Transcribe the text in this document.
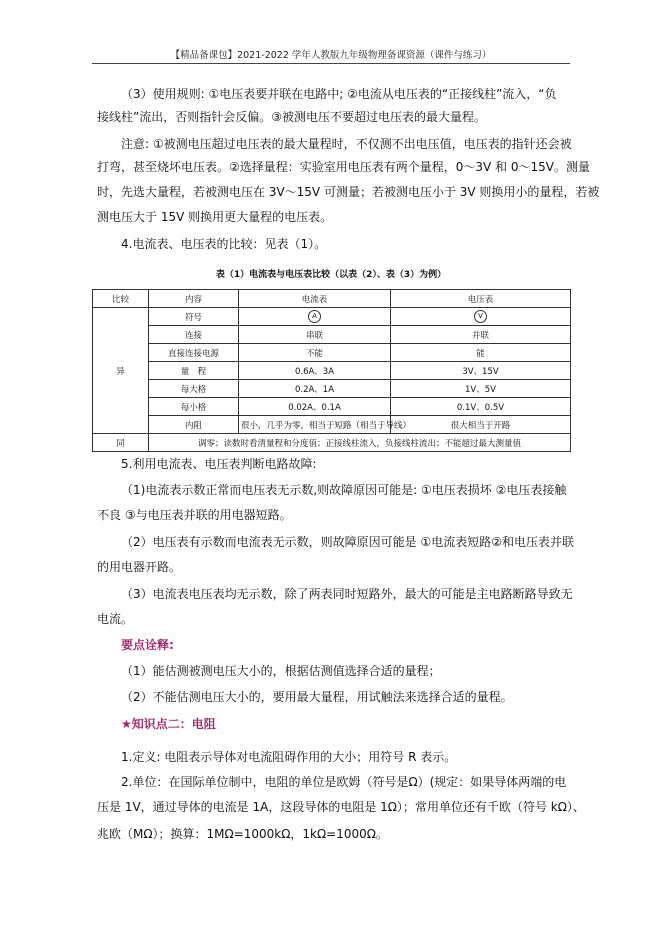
【精品备课包】2021-2022 学年人教版九年级物理备课资源（课件与练习）

（3）使用规则: ①电压表要并联在电路中; ②电流从电压表的“正接线柱”流入，“负

接线柱”流出，否则指针会反偏。③被测电压不要超过电压表的最大量程。

注意: ①被测电压超过电压表的最大量程时，不仅测不出电压值，电压表的指针还会被

打弯，甚至烧坏电压表。②选择量程：实验室用电压表有两个量程，0～3V 和 0～15V。测量

时，先选大量程，若被测电压在 3V～15V 可测量；若被测电压小于 3V 则换用小的量程，若被

测电压大于 15V 则换用更大量程的电压表。

4.电流表、电压表的比较：见表（1）。

表（1）电流表与电压表比较（以表（2）、表（3）为例）
比较	内容	电流表	电压表
异	符号	A	V
	连接	串联	并联
	直接连接电源	不能	能
	量　程	0.6A、3A	3V、15V
	每大格	0.2A、1A	1V、5V
	每小格	0.02A、0.1A	0.1V、0.5V
	内阻	很小，几乎为零，相当于短路（相当于导线）	很大相当于开路
同	调零；读数时看清量程和分度值；正接线柱流入，负接线柱流出；不能超过最大测量值		

5.利用电流表、电压表判断电路故障:

（1)电流表示数正常而电压表无示数,则故障原因可能是: ①电压表损坏 ②电压表接触

不良 ③与电压表并联的用电器短路。

（2）电压表有示数而电流表无示数，则故障原因可能是 ①电流表短路②和电压表并联

的用电器开路。

（3）电流表电压表均无示数，除了两表同时短路外，最大的可能是主电路断路导致无

电流。

要点诠释:

（1）能估测被测电压大小的，根据估测值选择合适的量程；

（2）不能估测电压大小的，要用最大量程，用试触法来选择合适的量程。

★知识点二：电阻

1.定义: 电阻表示导体对电流阻碍作用的大小；用符号 R 表示。

2.单位：在国际单位制中，电阻的单位是欧姆（符号是Ω）(规定：如果导体两端的电

压是 1V，通过导体的电流是 1A，这段导体的电阻是 1Ω）；常用单位还有千欧（符号 kΩ）、

兆欧（MΩ）；换算：1MΩ=1000kΩ，1kΩ=1000Ω。
